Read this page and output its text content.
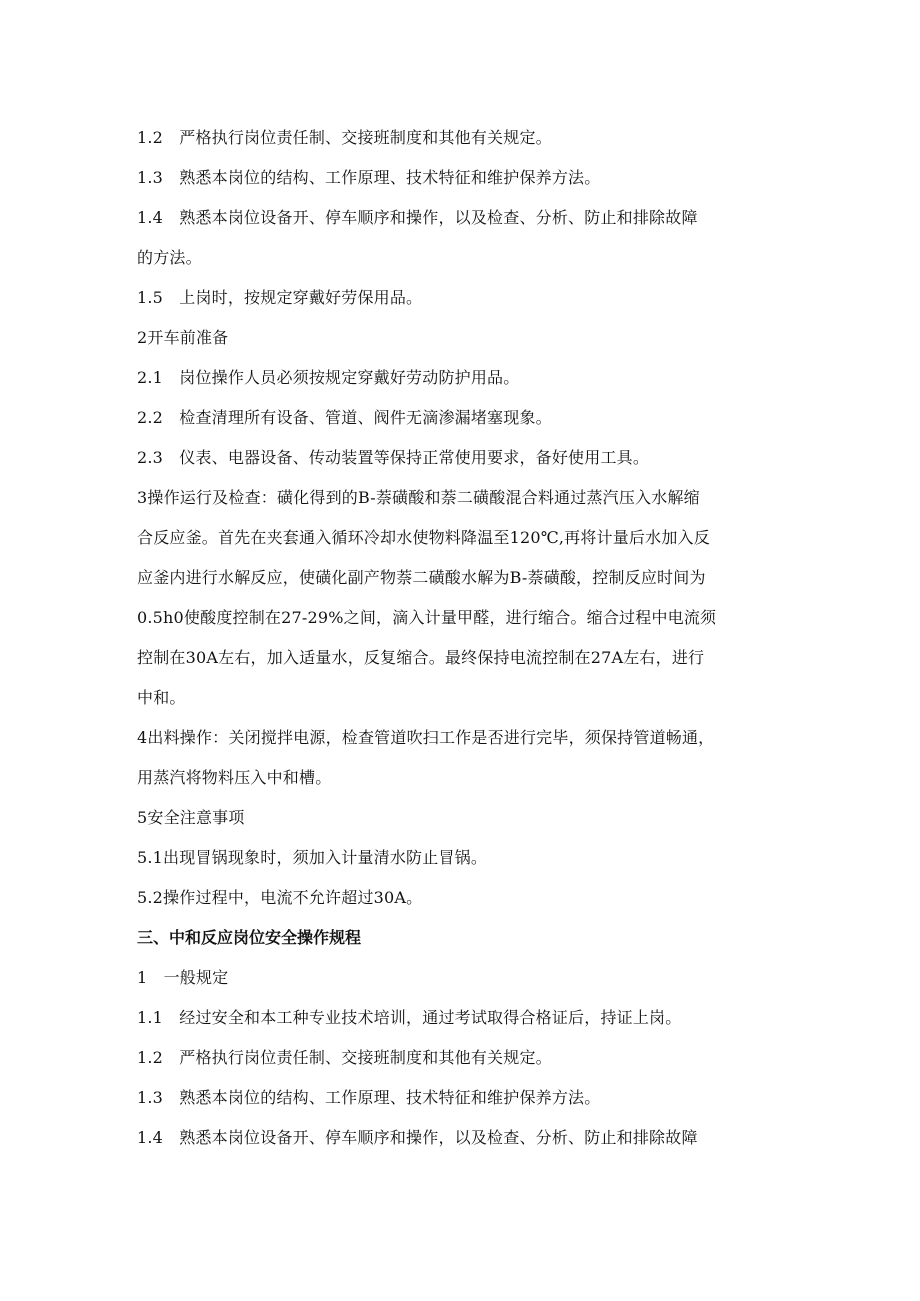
1.2　严格执行岗位责任制、交接班制度和其他有关规定。

1.3　熟悉本岗位的结构、工作原理、技术特征和维护保养方法。

1.4　熟悉本岗位设备开、停车顺序和操作，以及检查、分析、防止和排除故障

的方法。

1.5　上岗时，按规定穿戴好劳保用品。

2开车前准备

2.1　岗位操作人员必须按规定穿戴好劳动防护用品。

2.2　检查清理所有设备、管道、阀件无滴渗漏堵塞现象。

2.3　仪表、电器设备、传动装置等保持正常使用要求，备好使用工具。

3操作运行及检查：磺化得到的B-萘磺酸和萘二磺酸混合料通过蒸汽压入水解缩

合反应釜。首先在夹套通入循环冷却水使物料降温至120℃,再将计量后水加入反

应釜内进行水解反应，使磺化副产物萘二磺酸水解为B-萘磺酸，控制反应时间为

0.5h0使酸度控制在27-29%之间，滴入计量甲醛，进行缩合。缩合过程中电流须

控制在30A左右，加入适量水，反复缩合。最终保持电流控制在27A左右，进行

中和。

4出料操作：关闭搅拌电源，检查管道吹扫工作是否进行完毕，须保持管道畅通，

用蒸汽将物料压入中和槽。

5安全注意事项

5.1出现冒锅现象时，须加入计量清水防止冒锅。

5.2操作过程中，电流不允许超过30A。

三、中和反应岗位安全操作规程

1　一般规定

1.1　经过安全和本工种专业技术培训，通过考试取得合格证后，持证上岗。

1.2　严格执行岗位责任制、交接班制度和其他有关规定。

1.3　熟悉本岗位的结构、工作原理、技术特征和维护保养方法。

1.4　熟悉本岗位设备开、停车顺序和操作，以及检查、分析、防止和排除故障
